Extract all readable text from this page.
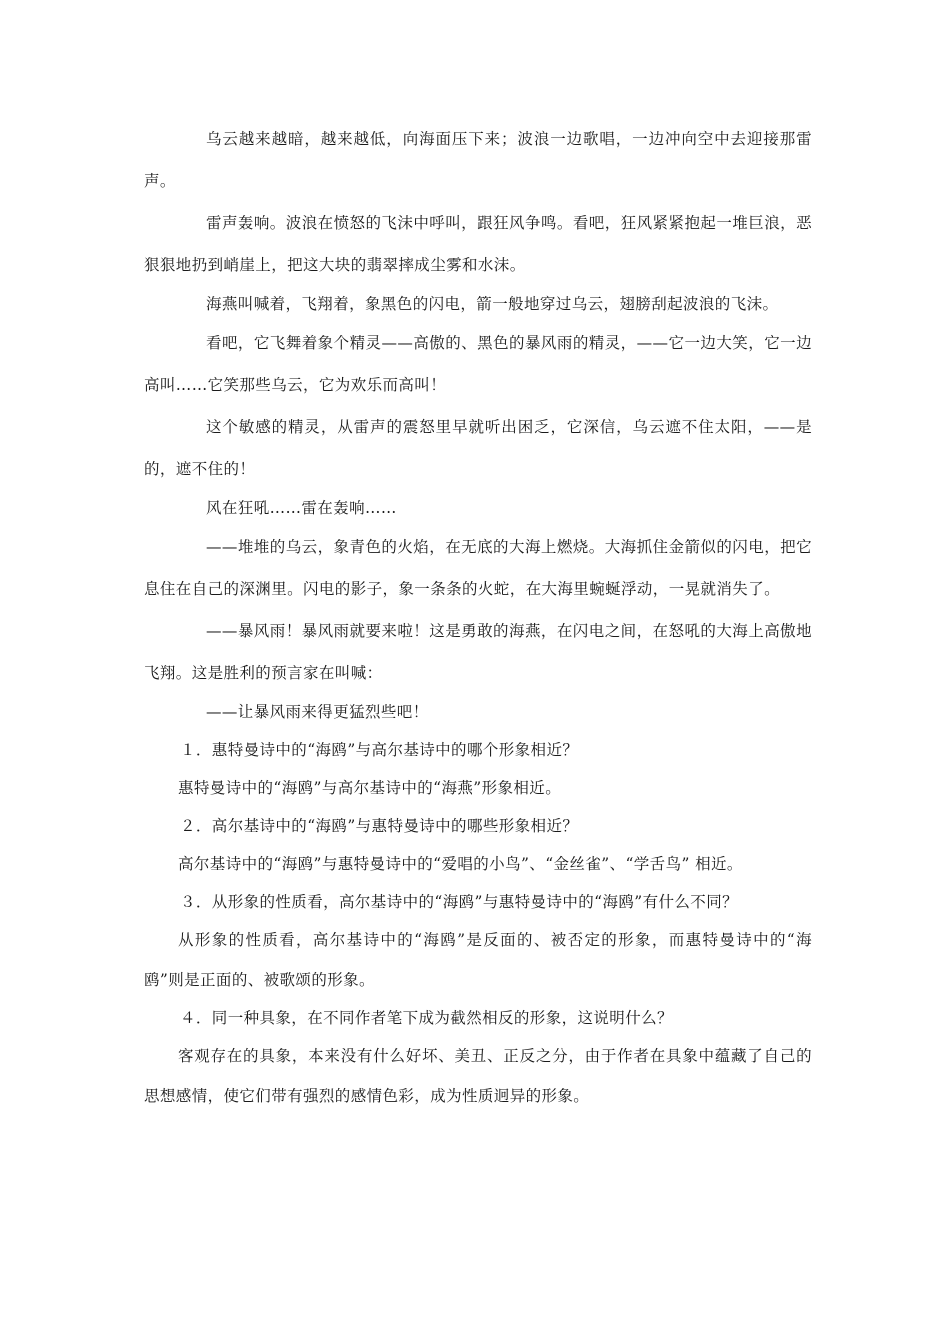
乌云越来越暗，越来越低，向海面压下来；波浪一边歌唱，一边冲向空中去迎接那雷声。

雷声轰响。波浪在愤怒的飞沫中呼叫，跟狂风争鸣。看吧，狂风紧紧抱起一堆巨浪，恶狠狠地扔到峭崖上，把这大块的翡翠摔成尘雾和水沫。

海燕叫喊着，飞翔着，象黑色的闪电，箭一般地穿过乌云，翅膀刮起波浪的飞沫。

看吧，它飞舞着象个精灵——高傲的、黑色的暴风雨的精灵，——它一边大笑，它一边高叫……它笑那些乌云，它为欢乐而高叫！

这个敏感的精灵，从雷声的震怒里早就听出困乏，它深信，乌云遮不住太阳，——是的，遮不住的！

风在狂吼……雷在轰响……

——堆堆的乌云，象青色的火焰，在无底的大海上燃烧。大海抓住金箭似的闪电，把它息住在自己的深渊里。闪电的影子，象一条条的火蛇，在大海里蜿蜒浮动，一晃就消失了。

——暴风雨！暴风雨就要来啦！这是勇敢的海燕，在闪电之间，在怒吼的大海上高傲地飞翔。这是胜利的预言家在叫喊：

——让暴风雨来得更猛烈些吧！

１．惠特曼诗中的“海鸥”与高尔基诗中的哪个形象相近？

惠特曼诗中的“海鸥”与高尔基诗中的“海燕”形象相近。

２．高尔基诗中的“海鸥”与惠特曼诗中的哪些形象相近？

高尔基诗中的“海鸥”与惠特曼诗中的“爱唱的小鸟”、“金丝雀”、“学舌鸟” 相近。

３．从形象的性质看，高尔基诗中的“海鸥”与惠特曼诗中的“海鸥”有什么不同？

从形象的性质看，高尔基诗中的“海鸥”是反面的、被否定的形象，而惠特曼诗中的“海鸥”则是正面的、被歌颂的形象。

４．同一种具象，在不同作者笔下成为截然相反的形象，这说明什么？

客观存在的具象，本来没有什么好坏、美丑、正反之分，由于作者在具象中蕴藏了自己的思想感情，使它们带有强烈的感情色彩，成为性质迥异的形象。
